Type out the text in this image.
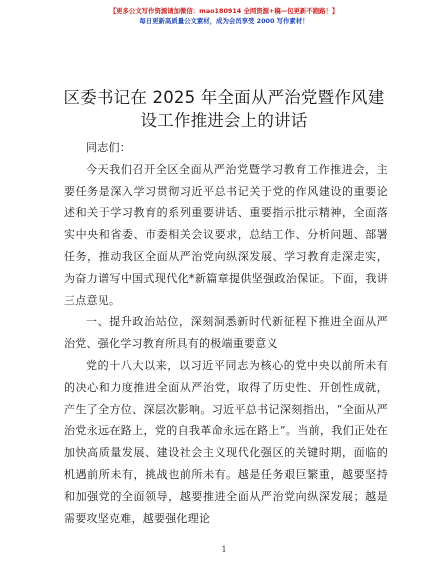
【更多公文写作资源请加微信：mao180914 全网资源+稿—包更新不跑路！】
每日更新高质量公文素材，成为会员享受 2000 写作素材！
区委书记在 2025 年全面从严治党暨作风建设工作推进会上的讲话

同志们：

今天我们召开全区全面从严治党暨学习教育工作推进会，主要任务是深入学习贯彻习近平总书记关于党的作风建设的重要论述和关于学习教育的系列重要讲话、重要指示批示精神，全面落实中央和省委、市委相关会议要求，总结工作、分析问题、部署任务，推动我区全面从严治党向纵深发展、学习教育走深走实，为奋力谱写中国式现代化*新篇章提供坚强政治保证。下面，我讲三点意见。

一、提升政治站位，深刻洞悉新时代新征程下推进全面从严治党、强化学习教育所具有的极端重要意义

党的十八大以来，以习近平同志为核心的党中央以前所未有的决心和力度推进全面从严治党，取得了历史性、开创性成就，产生了全方位、深层次影响。习近平总书记深刻指出，“全面从严治党永远在路上，党的自我革命永远在路上”。当前，我们正处在加快高质量发展、建设社会主义现代化强区的关键时期，面临的机遇前所未有，挑战也前所未有。越是任务艰巨繁重，越要坚持和加强党的全面领导，越要推进全面从严治党向纵深发展；越是需要攻坚克难，越要强化理论

1
